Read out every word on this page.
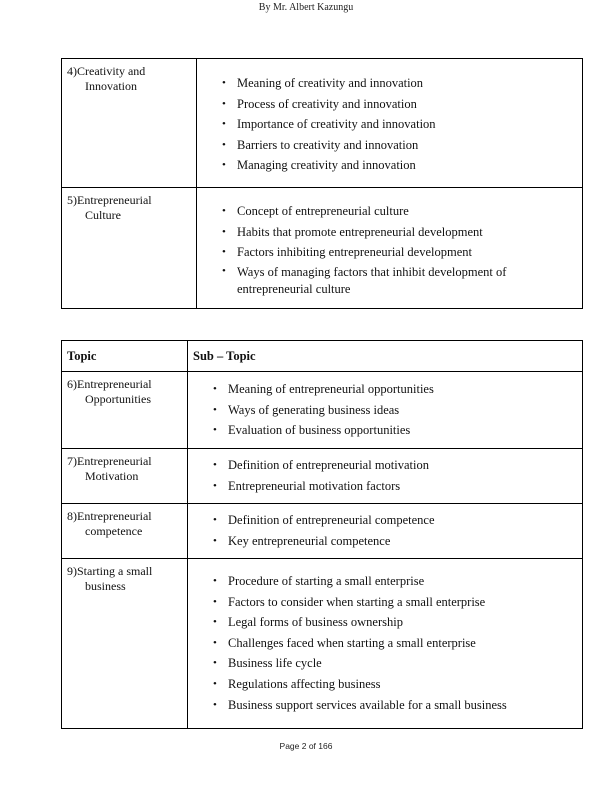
By Mr. Albert Kazungu
4)Creativity and
Innovation	• Meaning of creativity and innovation
• Process of creativity and innovation
• Importance of creativity and innovation
• Barriers to creativity and innovation
• Managing creativity and innovation

5)Entrepreneurial
Culture	• Concept of entrepreneurial culture
• Habits that promote entrepreneurial development
• Factors inhibiting entrepreneurial development
• Ways of managing factors that inhibit development of entrepreneurial culture
Topic	Sub – Topic
6)Entrepreneurial
Opportunities

• Meaning of entrepreneurial opportunities
• Ways of generating business ideas
• Evaluation of business opportunities

7)Entrepreneurial
Motivation

• Definition of entrepreneurial motivation
• Entrepreneurial motivation factors

8)Entrepreneurial
competence

• Definition of entrepreneurial competence
• Key entrepreneurial competence

9)Starting a small
business	• Procedure of starting a small enterprise
• Factors to consider when starting a small enterprise
• Legal forms of business ownership
• Challenges faced when starting a small enterprise
• Business life cycle
• Regulations affecting business
• Business support services available for a small business
Page 2 of 166
